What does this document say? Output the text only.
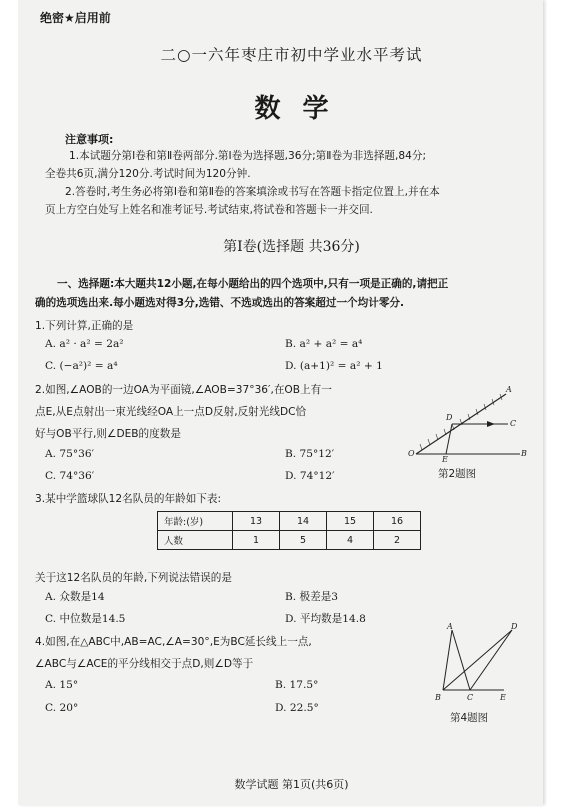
绝密★启用前
二○一六年枣庄市初中学业水平考试
数学
注意事项:
1.本试题分第Ⅰ卷和第Ⅱ卷两部分.第Ⅰ卷为选择题,36分;第Ⅱ卷为非选择题,84分;
全卷共6页,满分120分.考试时间为120分钟.
2.答卷时,考生务必将第Ⅰ卷和第Ⅱ卷的答案填涂或书写在答题卡指定位置上,并在本
页上方空白处写上姓名和准考证号.考试结束,将试卷和答题卡一并交回.
第Ⅰ卷(选择题 共36分)
一、选择题:本大题共12小题,在每小题给出的四个选项中,只有一项是正确的,请把正
确的选项选出来.每小题选对得3分,选错、不选或选出的答案超过一个均计零分.
1.下列计算,正确的是
A. a² · a² = 2a²	B. a² + a² = a⁴
C. (−a²)² = a⁴	D. (a+1)² = a² + 1
2.如图,∠AOB的一边OA为平面镜,∠AOB=37°36′,在OB上有一
点E,从E点射出一束光线经OA上一点D反射,反射光线DC恰
好与OB平行,则∠DEB的度数是
A. 75°36′	B. 75°12′
C. 74°36′	D. 74°12′
A
D
C
O
E
B
第2题图
3.某中学篮球队12名队员的年龄如下表:
年龄:(岁)	13	14	15	16
人数	1	5	4	2
关于这12名队员的年龄,下列说法错误的是
A. 众数是14	B. 极差是3
C. 中位数是14.5	D. 平均数是14.8
4.如图,在△ABC中,AB=AC,∠A=30°,E为BC延长线上一点,
∠ABC与∠ACE的平分线相交于点D,则∠D等于
A. 15°	B. 17.5°
C. 20°	D. 22.5°
A	D
B	C	E
第4题图
数学试题 第1页(共6页)
